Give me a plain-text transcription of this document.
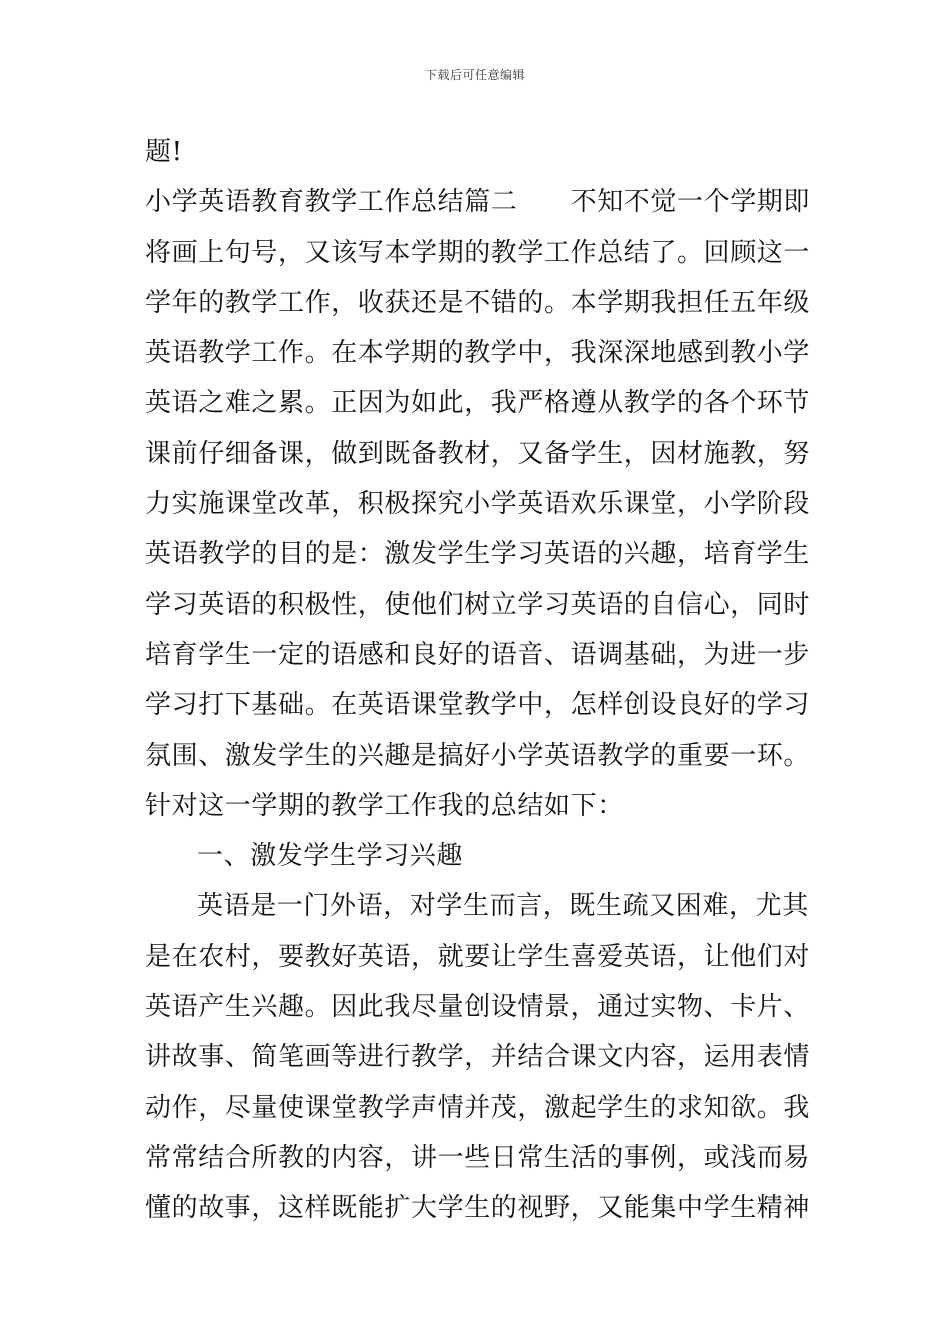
下载后可任意编辑
题!
小学英语教育教学工作总结篇二　　不知不觉一个学期即
将画上句号，又该写本学期的教学工作总结了。回顾这一
学年的教学工作，收获还是不错的。本学期我担任五年级
英语教学工作。在本学期的教学中，我深深地感到教小学
英语之难之累。正因为如此，我严格遵从教学的各个环节
课前仔细备课，做到既备教材，又备学生，因材施教，努
力实施课堂改革，积极探究小学英语欢乐课堂，小学阶段
英语教学的目的是：激发学生学习英语的兴趣，培育学生
学习英语的积极性，使他们树立学习英语的自信心，同时
培育学生一定的语感和良好的语音、语调基础，为进一步
学习打下基础。在英语课堂教学中，怎样创设良好的学习
氛围、激发学生的兴趣是搞好小学英语教学的重要一环。
针对这一学期的教学工作我的总结如下：
一、激发学生学习兴趣
英语是一门外语，对学生而言，既生疏又困难，尤其
是在农村，要教好英语，就要让学生喜爱英语，让他们对
英语产生兴趣。因此我尽量创设情景，通过实物、卡片、
讲故事、简笔画等进行教学，并结合课文内容，运用表情
动作，尽量使课堂教学声情并茂，激起学生的求知欲。我
常常结合所教的内容，讲一些日常生活的事例，或浅而易
懂的故事，这样既能扩大学生的视野，又能集中学生精神
